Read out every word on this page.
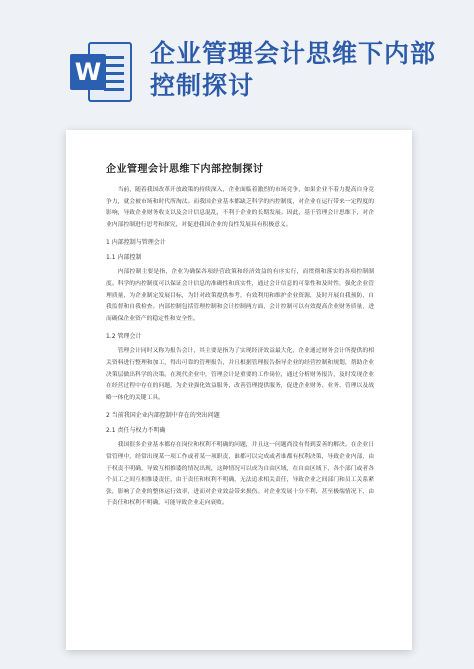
W
企业管理会计思维下内部控制探讨
企业管理会计思维下内部控制探讨

当前，随着我国改革开放政策的持续深入，企业面临着激烈的市场竞争，如果企业不着力提高自身竞争力，就会被市场和时代所淘汰。而我国企业基本都缺乏科学的内控制度，对企业在运行带来一定程度的影响，导致企业财务收支以及会计信息混乱，不利于企业的长期发展。因此，基于管理会计思维下，对企业内部控制进行思考和探究，对促进我国企业的良性发展具有积极意义。

1 内部控制与管理会计
1.1 内部控制

内部控制主要是指，企业为确保各项经营政策和经济效益的有序实行，而贯彻和落实的各项控制制度。科学的内控制度可以保证会计信息的准确性和真实性，通过会计信息的可靠性和及时性，强化企业管理质量，为企业制定发展目标，为针对政策提供参考，有效利用和维护企业资源，及时开展自我预防，自我监督和自我检查。内部控制包括管理控制和会计控制两方面，会计控制可以有效提高企业财务质量，进而确保企业资产的稳定性和安全性。

1.2 管理会计

管理会计同时又称为报告会计，其主要是指为了实现经济效益最大化，企业通过财务会计所提供的相关资料进行整理和加工，得出可靠的管理报告，并且根据管理报告指导企业的经营控制和规划，帮助企业决策层做出科学的决策。在现代企业中，管理会计是重要的工作岗位，通过分析财务报告，及时发现企业在经营过程中存在的问题，为企业强化效益服务，改善管理提供服务，促进企业财务、业务、管理以及战略一体化的关键工具。

2 当前我国企业内部控制中存在的突出问题
2.1 责任与权力不明确

我国很多企业基本都存在岗位和权利不明确的问题，并且这一问题尚没有得到妥善的解决。在企业日常管理中，经常出现某一项工作或者某一项职责，谁都可以完成或者谁都有权利决策，导致企业内部，由于权责不明确，导致互相推诿的情况出现，这种情况可以成为自由区域，在自由区域下，各个部门或者各个员工之间互相推诿责任，由于责任和权利不明确，无法追求相关责任，导致企业之间部门和员工关系紧张，影响了企业的整体运行效率，进而对企业效益带来损伤。对企业发展十分不利，甚至极端情况下，由于责任和权利不明确，可能导致企业走向衰败。
